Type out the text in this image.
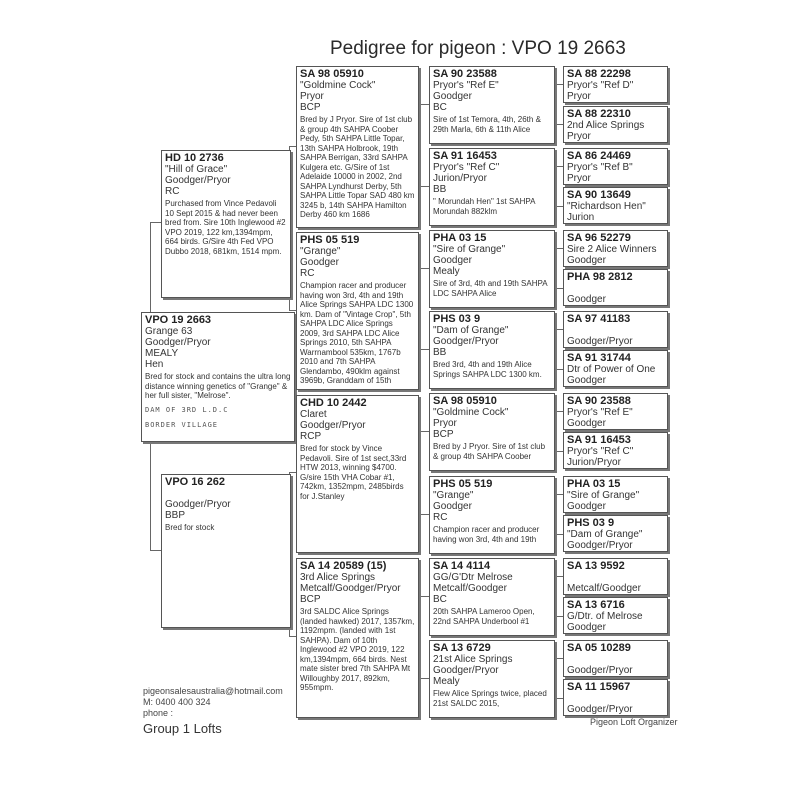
Pedigree for pigeon : VPO 19 2663
VPO 19 2663
Grange 63
Goodger/Pryor
MEALY
Hen
Bred for stock and contains the ultra long distance winning genetics of "Grange" & her full sister, "Melrose".
DAM OF 3RD L.D.C
BORDER VILLAGE
HD 10 2736
"Hill of Grace"
Goodger/Pryor
RC
Purchased from Vince Pedavoli 10 Sept 2015 & had never been bred from. Sire 10th Inglewood #2 VPO 2019, 122 km,1394mpm, 664 birds. G/Sire 4th Fed VPO Dubbo 2018, 681km, 1514 mpm.
VPO 16 262
Goodger/Pryor
BBP
Bred for stock
SA 98 05910
"Goldmine Cock"
Pryor
BCP
Bred by J Pryor. Sire of 1st club & group 4th SAHPA Coober Pedy, 5th SAHPA Little Topar, 13th SAHPA Holbrook, 19th SAHPA Berrigan, 33rd SAHPA Kulgera etc. G/Sire of 1st Adelaide 10000 in 2002, 2nd SAHPA Lyndhurst Derby, 5th SAHPA Little Topar SAD 480 km 3245 b, 14th SAHPA Hamilton Derby 460 km 1686
PHS 05 519
"Grange"
Goodger
RC
Champion racer and producer having won 3rd, 4th and 19th Alice Springs SAHPA LDC 1300 km. Dam of "Vintage Crop", 5th SAHPA LDC Alice Springs 2009, 3rd SAHPA LDC Alice Springs 2010, 5th SAHPA Warrnambool 535km, 1767b 2010 and 7th SAHPA Glendambo, 490klm against 3969b, Granddam of 15th
CHD 10 2442
Claret
Goodger/Pryor
RCP
Bred for stock by Vince Pedavoli. Sire of 1st sect,33rd HTW 2013, winning $4700. G/sire 15th VHA Cobar #1, 742km, 1352mpm, 2485birds for J.Stanley
SA 14 20589 (15)
3rd Alice Springs
Metcalf/Goodger/Pryor
BCP
3rd SALDC Alice Springs (landed hawked) 2017, 1357km, 1192mpm. (landed with 1st SAHPA). Dam of 10th Inglewood #2 VPO 2019, 122 km,1394mpm, 664 birds. Nest mate sister bred 7th SAHPA Mt Willoughby 2017, 892km, 955mpm.
SA 90 23588
Pryor's "Ref E"
Goodger
BC
Sire of 1st Temora, 4th, 26th & 29th Marla, 6th & 11th Alice
SA 91 16453
Pryor's "Ref C"
Jurion/Pryor
BB
" Morundah Hen" 1st SAHPA Morundah 882klm
PHA 03 15
"Sire of Grange"
Goodger
Mealy
Sire of 3rd, 4th and 19th SAHPA LDC SAHPA Alice
PHS 03 9
"Dam of Grange"
Goodger/Pryor
BB
Bred 3rd, 4th and 19th Alice Springs SAHPA LDC 1300 km.
SA 98 05910
"Goldmine Cock"
Pryor
BCP
Bred by J Pryor. Sire of 1st club & group 4th SAHPA Coober
PHS 05 519
"Grange"
Goodger
RC
Champion racer and producer having won 3rd, 4th and 19th
SA 14 4114
GG/G'Dtr Melrose
Metcalf/Goodger
BC
20th SAHPA Lameroo Open, 22nd SAHPA Underbool #1
SA 13 6729
21st Alice Springs
Goodger/Pryor
Mealy
Flew Alice Springs twice, placed 21st SALDC 2015,
SA 88 22298
Pryor's "Ref D"
Pryor
SA 88 22310
2nd Alice Springs
Pryor
SA 86 24469
Pryor's "Ref B"
Pryor
SA 90 13649
"Richardson Hen"
Jurion
SA 96 52279
Sire 2 Alice Winners
Goodger
PHA 98 2812
Goodger
SA 97 41183
Goodger/Pryor
SA 91 31744
Dtr of Power of One
Goodger
SA 90 23588
Pryor's "Ref E"
Goodger
SA 91 16453
Pryor's "Ref C"
Jurion/Pryor
PHA 03 15
"Sire of Grange"
Goodger
PHS 03 9
"Dam of Grange"
Goodger/Pryor
SA 13 9592
Metcalf/Goodger
SA 13 6716
G/Dtr. of Melrose
Goodger
SA 05 10289
Goodger/Pryor
SA 11 15967
Goodger/Pryor
pigeonsalesaustralia@hotmail.com
M: 0400 400 324
phone :
Group 1 Lofts	Pigeon Loft Organizer
